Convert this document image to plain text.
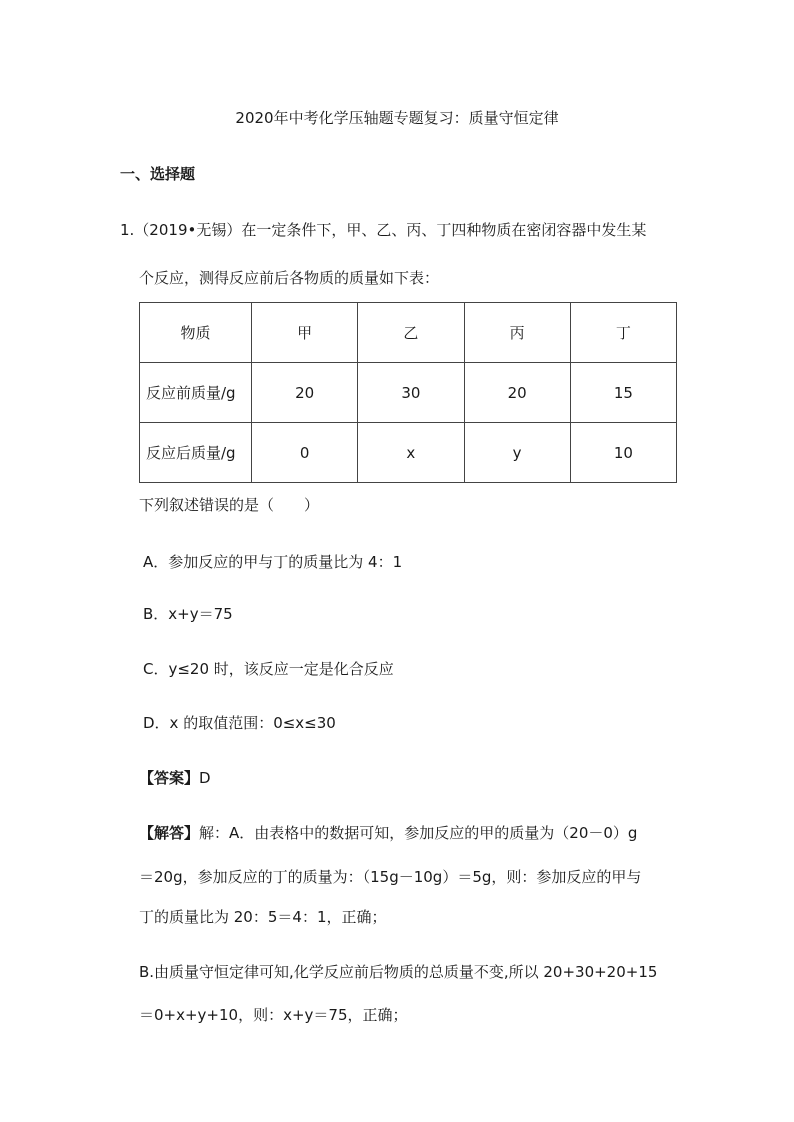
2020年中考化学压轴题专题复习：质量守恒定律
一、选择题
1.（2019•无锡）在一定条件下，甲、乙、丙、丁四种物质在密闭容器中发生某
个反应，测得反应前后各物质的质量如下表：
物质	甲	乙	丙	丁
反应前质量/g	20	30	20	15
反应后质量/g	0	x	y	10
下列叙述错误的是（　　）
A．参加反应的甲与丁的质量比为 4：1
B．x+y＝75
C．y≤20 时，该反应一定是化合反应
D．x 的取值范围：0≤x≤30
【答案】D
【解答】解：A．由表格中的数据可知，参加反应的甲的质量为（20－0）g
＝20g，参加反应的丁的质量为：（15g－10g）＝5g，则：参加反应的甲与
丁的质量比为 20：5＝4：1，正确；
B.由质量守恒定律可知,化学反应前后物质的总质量不变,所以 20+30+20+15
＝0+x+y+10，则：x+y＝75，正确；
